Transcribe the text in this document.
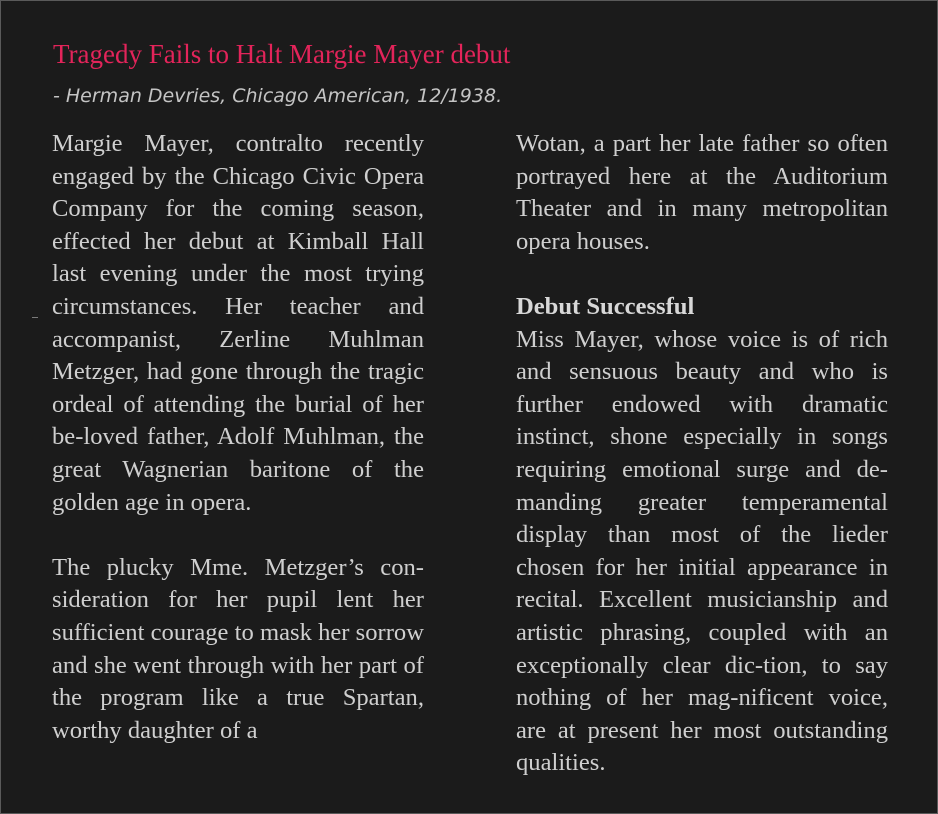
Tragedy Fails to Halt Margie Mayer debut

- Herman Devries, Chicago American, 12/1938.

Margie Mayer, contralto recently engaged by the Chicago Civic Opera Company for the coming season, effected her debut at Kimball Hall last evening under the most trying circumstances. Her teacher and accompanist, Zerline Muhlman Metzger, had gone through the tragic ordeal of attending the burial of her be-loved father, Adolf Muhlman, the great Wagnerian baritone of the golden age in opera.

The plucky Mme. Metzger’s con-sideration for her pupil lent her sufficient courage to mask her sorrow and she went through with her part of the program like a true Spartan, worthy daughter of a

Wotan, a part her late father so often portrayed here at the Auditorium Theater and in many metropolitan opera houses.

Debut Successful

Miss Mayer, whose voice is of rich and sensuous beauty and who is further endowed with dramatic instinct, shone especially in songs requiring emotional surge and de-manding greater temperamental display than most of the lieder chosen for her initial appearance in recital. Excellent musicianship and artistic phrasing, coupled with an exceptionally clear dic-tion, to say nothing of her mag-nificent voice, are at present her most outstanding qualities.
